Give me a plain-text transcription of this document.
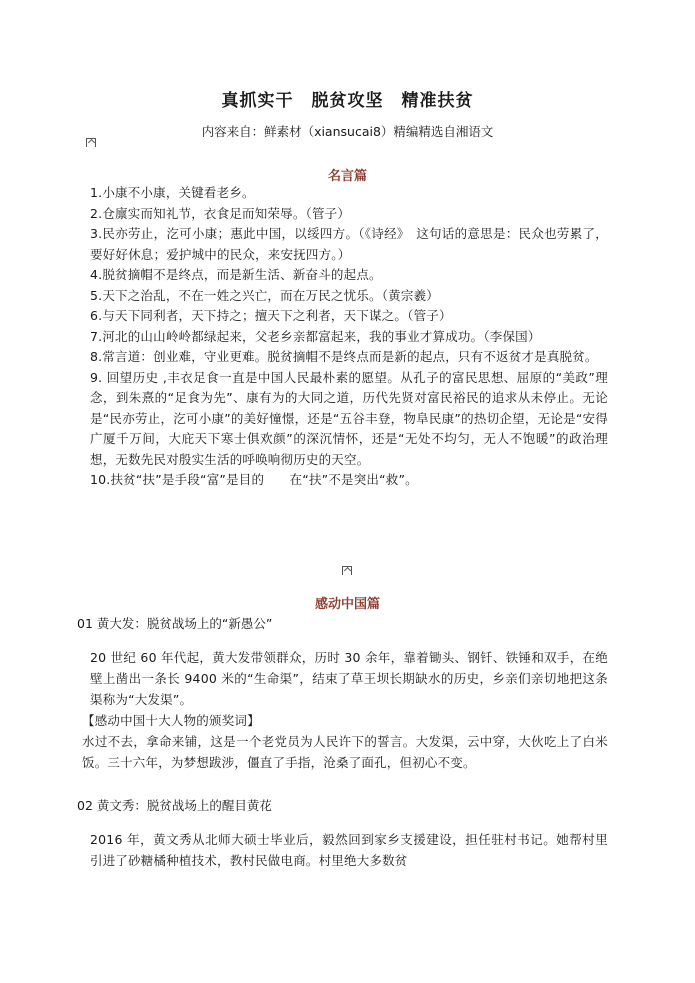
真抓实干　脱贫攻坚　精准扶贫
内容来自：鲜素材（xiansucai8）精编精选自湘语文
名言篇

1.小康不小康，关键看老乡。

2.仓廪实而知礼节，衣食足而知荣辱。（管子）

3.民亦劳止，汔可小康；惠此中国，以绥四方。（《诗经》　这句话的意思是：民众也劳累了，要好好休息；爱护城中的民众，来安抚四方。）

4.脱贫摘帽不是终点，而是新生活、新奋斗的起点。

5.天下之治乱，不在一姓之兴亡，而在万民之忧乐。（黄宗羲）

6.与天下同利者，天下持之；擅天下之利者，天下谋之。（管子）

7.河北的山山岭岭都绿起来，父老乡亲都富起来，我的事业才算成功。（李保国）

8.常言道：创业难，守业更难。脱贫摘帽不是终点而是新的起点，只有不返贫才是真脱贫。

9. 回望历史 ,丰衣足食一直是中国人民最朴素的愿望。从孔子的富民思想、屈原的“美政”理念，到朱熹的“足食为先”、康有为的大同之道，历代先贤对富民裕民的追求从未停止。无论是“民亦劳止，汔可小康”的美好憧憬，还是“五谷丰登，物阜民康”的热切企望，无论是“安得广厦千万间，大庇天下寒士俱欢颜”的深沉情怀，还是“无处不均匀，无人不饱暖”的政治理想，无数先民对殷实生活的呼唤响彻历史的天空。

10.扶贫“扶”是手段“富”是目的　　在“扶”不是突出“救”。

感动中国篇
01 黄大发：脱贫战场上的“新愚公”

20 世纪 60 年代起，黄大发带领群众，历时 30 余年，靠着锄头、钢钎、铁锤和双手，在绝壁上凿出一条长 9400 米的“生命渠”，结束了草王坝长期缺水的历史，乡亲们亲切地把这条渠称为“大发渠”。

【感动中国十大人物的颁奖词】

水过不去，拿命来铺，这是一个老党员为人民许下的誓言。大发渠，云中穿，大伙吃上了白米饭。三十六年，为梦想跋涉，僵直了手指，沧桑了面孔，但初心不变。

02 黄文秀：脱贫战场上的醒目黄花

2016 年，黄文秀从北师大硕士毕业后，毅然回到家乡支援建设，担任驻村书记。她帮村里引进了砂糖橘种植技术，教村民做电商。村里绝大多数贫
